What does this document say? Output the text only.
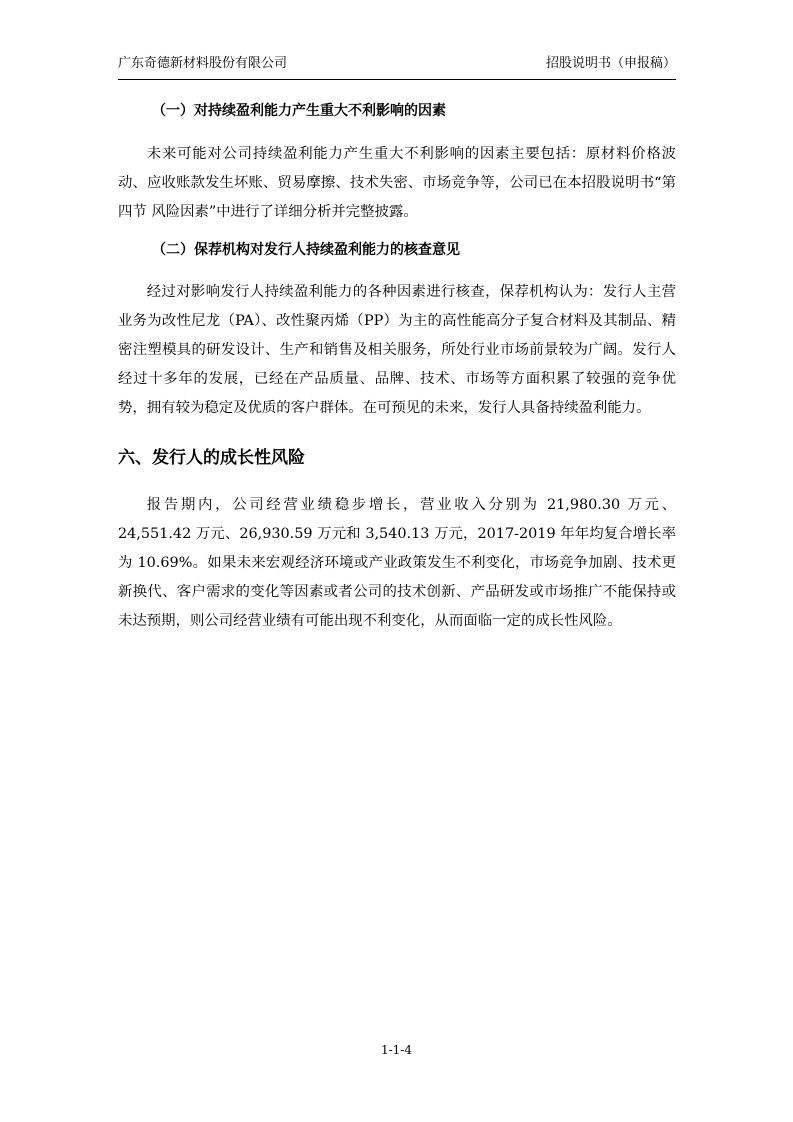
广东奇德新材料股份有限公司	招股说明书（申报稿）

（一）对持续盈利能力产生重大不利影响的因素

未来可能对公司持续盈利能力产生重大不利影响的因素主要包括：原材料价格波动、应收账款发生坏账、贸易摩擦、技术失密、市场竞争等，公司已在本招股说明书“第四节 风险因素”中进行了详细分析并完整披露。

（二）保荐机构对发行人持续盈利能力的核查意见

经过对影响发行人持续盈利能力的各种因素进行核查，保荐机构认为：发行人主营业务为改性尼龙（PA）、改性聚丙烯（PP）为主的高性能高分子复合材料及其制品、精密注塑模具的研发设计、生产和销售及相关服务，所处行业市场前景较为广阔。发行人经过十多年的发展，已经在产品质量、品牌、技术、市场等方面积累了较强的竞争优势，拥有较为稳定及优质的客户群体。在可预见的未来，发行人具备持续盈利能力。

六、发行人的成长性风险

报告期内，公司经营业绩稳步增长，营业收入分别为 21,980.30 万元、24,551.42 万元、26,930.59 万元和 3,540.13 万元，2017-2019 年年均复合增长率为 10.69%。如果未来宏观经济环境或产业政策发生不利变化，市场竞争加剧、技术更新换代、客户需求的变化等因素或者公司的技术创新、产品研发或市场推广不能保持或未达预期，则公司经营业绩有可能出现不利变化，从而面临一定的成长性风险。

1-1-4
